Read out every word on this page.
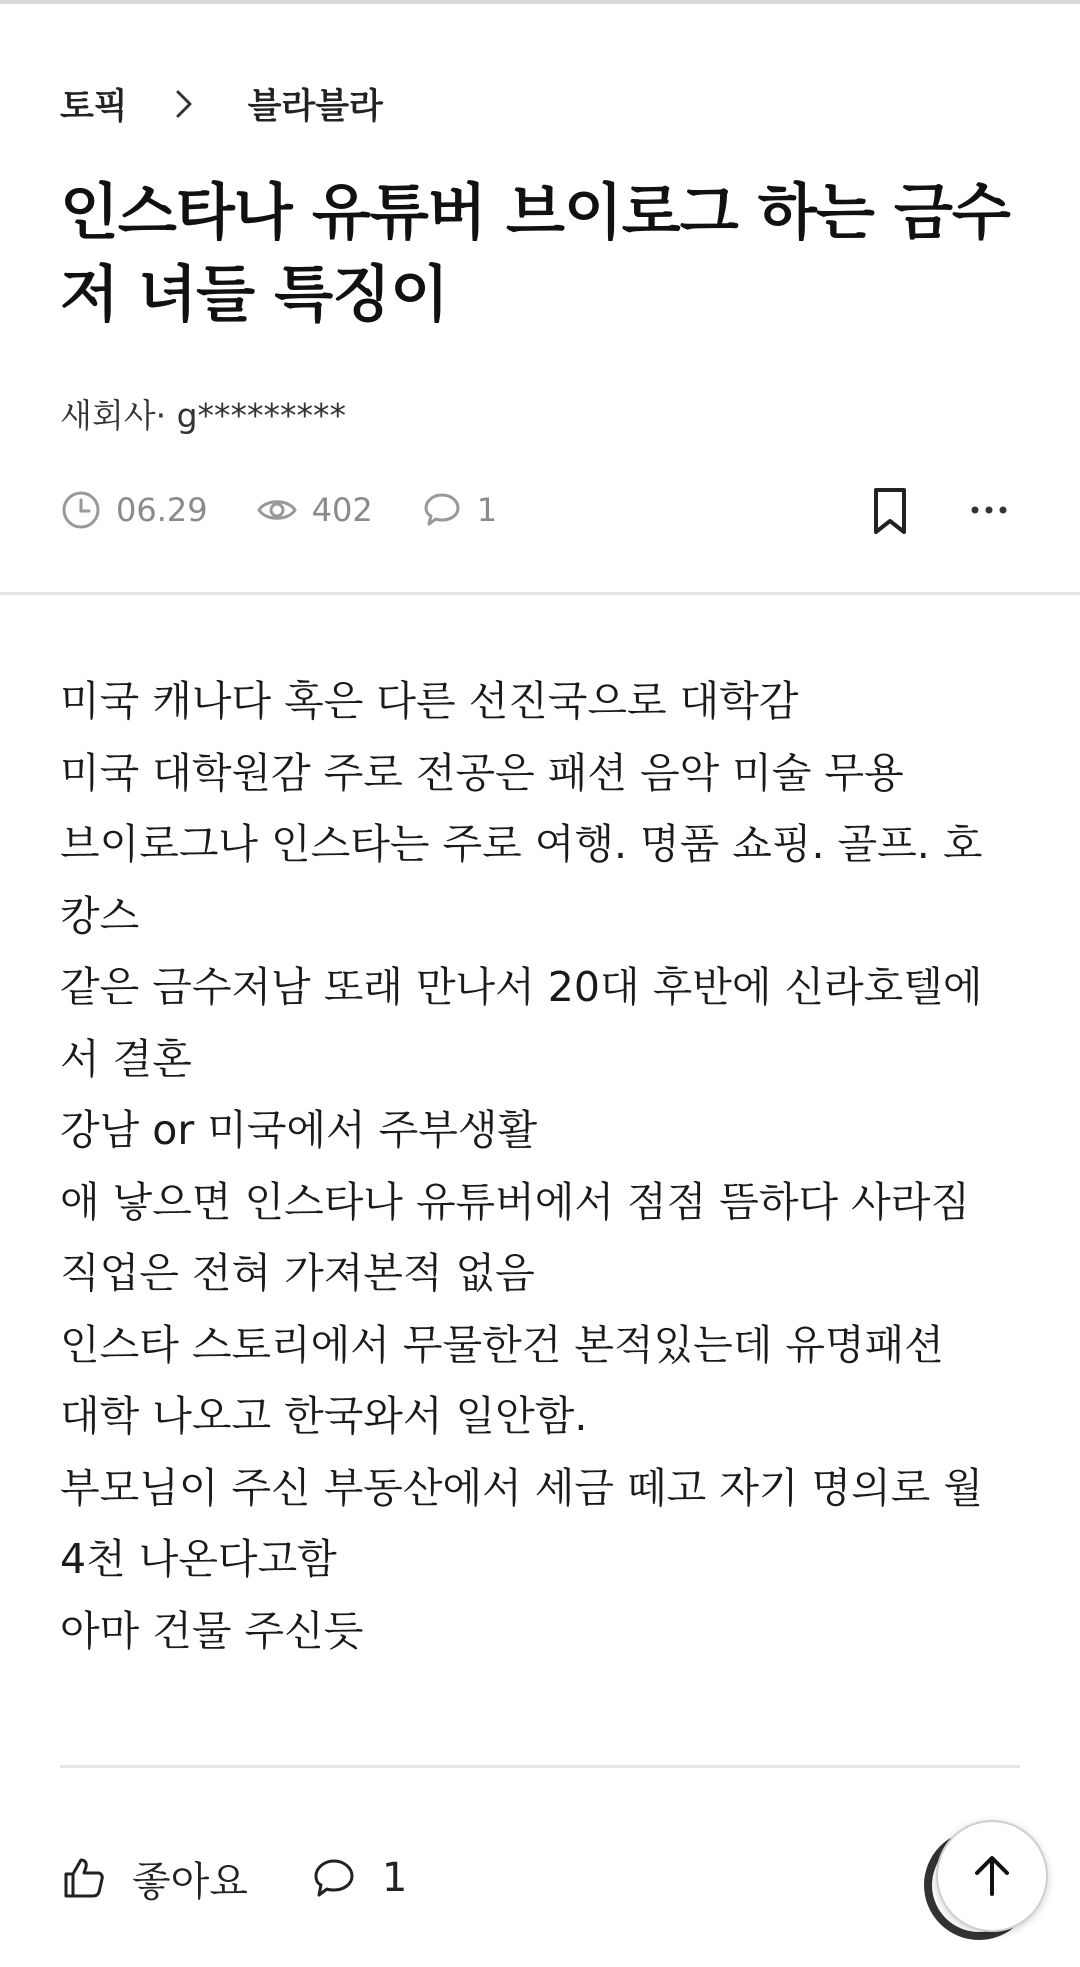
토픽	블라블라
인스타나 유튜버 브이로그 하는 금수저 녀들 특징이
새회사· g*********
06.29	402	1
미국 캐나다 혹은 다른 선진국으로 대학감
미국 대학원감 주로 전공은 패션 음악 미술 무용
브이로그나 인스타는 주로 여행. 명품 쇼핑. 골프. 호
캉스
같은 금수저남 또래 만나서 20대 후반에 신라호텔에
서 결혼
강남 or 미국에서 주부생활
애 낳으면 인스타나 유튜버에서 점점 뜸하다 사라짐
직업은 전혀 가져본적 없음
인스타 스토리에서 무물한건 본적있는데 유명패션
대학 나오고 한국와서 일안함.
부모님이 주신 부동산에서 세금 떼고 자기 명의로 월
4천 나온다고함
아마 건물 주신듯
좋아요	1
